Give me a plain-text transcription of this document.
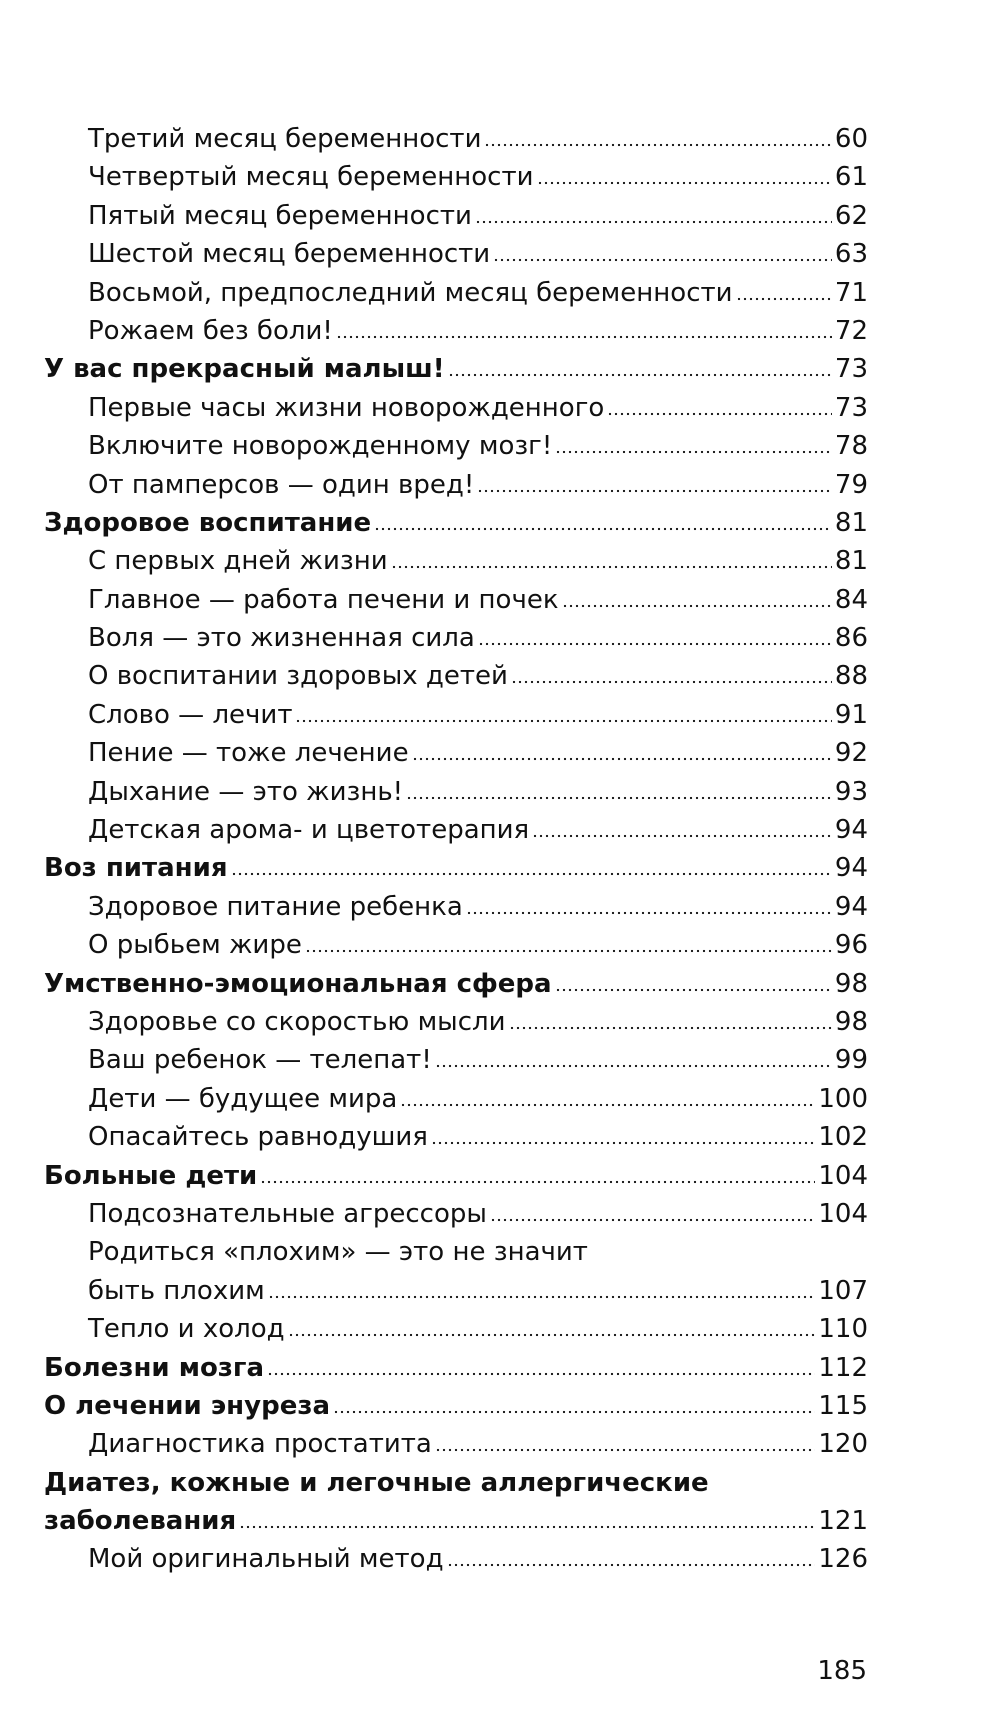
Третий месяц беременности	60
Четвертый месяц беременности	61
Пятый месяц беременности	62
Шестой месяц беременности	63
Восьмой, предпоследний месяц беременности	71
Рожаем без боли!	72
У вас прекрасный малыш!	73
Первые часы жизни новорожденного	73
Включите новорожденному мозг!	78
От памперсов — один вред!	79
Здоровое воспитание	81
С первых дней жизни	81
Главное — работа печени и почек	84
Воля — это жизненная сила	86
О воспитании здоровых детей	88
Слово — лечит	91
Пение — тоже лечение	92
Дыхание — это жизнь!	93
Детская арома- и цветотерапия	94
Воз питания	94
Здоровое питание ребенка	94
О рыбьем жире	96
Умственно-эмоциональная сфера	98
Здоровье со скоростью мысли	98
Ваш ребенок — телепат!	99
Дети — будущее мира	100
Опасайтесь равнодушия	102
Больные дети	104
Подсознательные агрессоры	104
Родиться «плохим» — это не значит
быть плохим	107
Тепло и холод	110
Болезни мозга	112
О лечении энуреза	115
Диагностика простатита	120
Диатез, кожные и легочные аллергические
заболевания	121
Мой оригинальный метод	126
185
